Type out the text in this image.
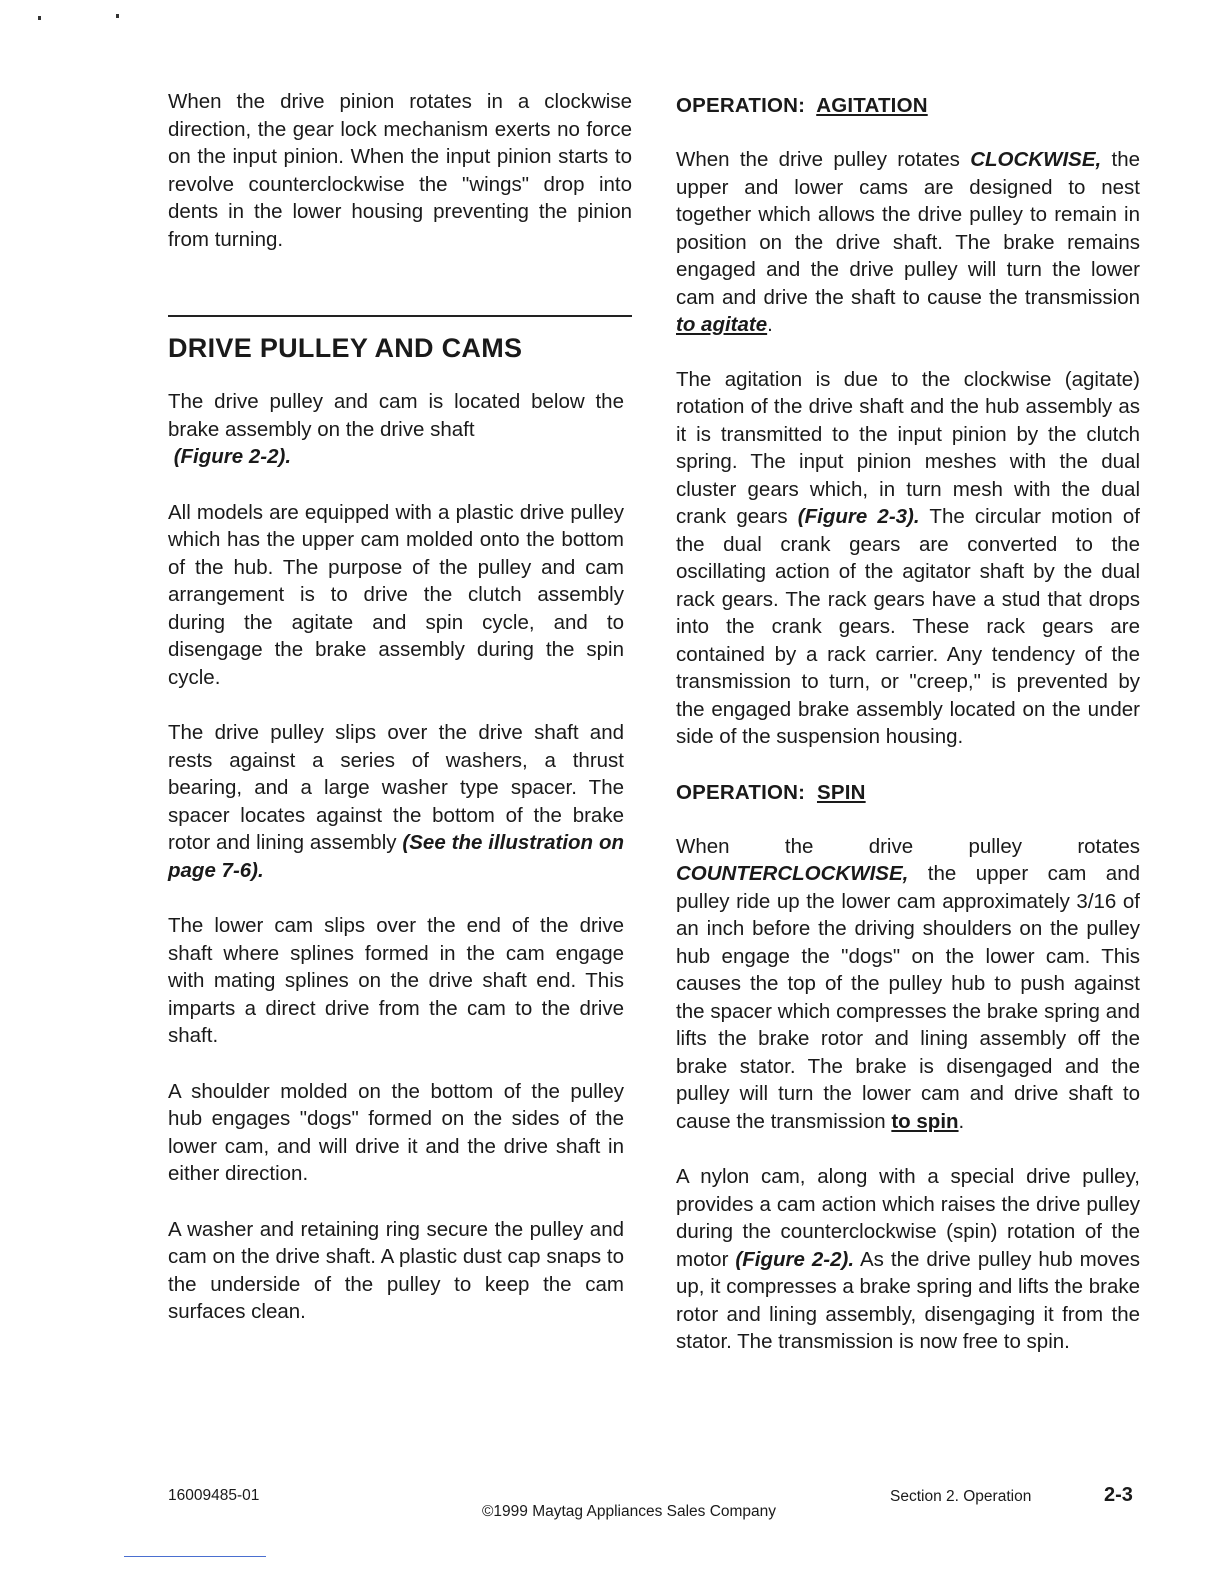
When the drive pinion rotates in a clockwise direction, the gear lock mechanism exerts no force on the input pinion. When the input pinion starts to revolve counterclockwise the "wings" drop into dents in the lower housing preventing the pinion from turning.

DRIVE PULLEY AND CAMS

The drive pulley and cam is located below the brake assembly on the drive shaft
(Figure 2-2).

All models are equipped with a plastic drive pulley which has the upper cam molded onto the bottom of the hub. The purpose of the pulley and cam arrangement is to drive the clutch assembly during the agitate and spin cycle, and to disengage the brake assembly during the spin cycle.

The drive pulley slips over the drive shaft and rests against a series of washers, a thrust bearing, and a large washer type spacer. The spacer locates against the bottom of the brake rotor and lining assembly (See the illustration on page 7-6).

The lower cam slips over the end of the drive shaft where splines formed in the cam engage with mating splines on the drive shaft end. This imparts a direct drive from the cam to the drive shaft.

A shoulder molded on the bottom of the pulley hub engages "dogs" formed on the sides of the lower cam, and will drive it and the drive shaft in either direction.

A washer and retaining ring secure the pulley and cam on the drive shaft. A plastic dust cap snaps to the underside of the pulley to keep the cam surfaces clean.

OPERATION: AGITATION

When the drive pulley rotates CLOCKWISE, the upper and lower cams are designed to nest together which allows the drive pulley to remain in position on the drive shaft. The brake remains engaged and the drive pulley will turn the lower cam and drive the shaft to cause the transmission to agitate.

The agitation is due to the clockwise (agitate) rotation of the drive shaft and the hub assembly as it is transmitted to the input pinion by the clutch spring. The input pinion meshes with the dual cluster gears which, in turn mesh with the dual crank gears (Figure 2-3). The circular motion of the dual crank gears are converted to the oscillating action of the agitator shaft by the dual rack gears. The rack gears have a stud that drops into the crank gears. These rack gears are contained by a rack carrier. Any tendency of the transmission to turn, or "creep," is prevented by the engaged brake assembly located on the under side of the suspension housing.

OPERATION: SPIN

When the drive pulley rotates COUNTERCLOCKWISE, the upper cam and pulley ride up the lower cam approximately 3/16 of an inch before the driving shoulders on the pulley hub engage the "dogs" on the lower cam. This causes the top of the pulley hub to push against the spacer which compresses the brake spring and lifts the brake rotor and lining assembly off the brake stator. The brake is disengaged and the pulley will turn the lower cam and drive shaft to cause the transmission to spin.

A nylon cam, along with a special drive pulley, provides a cam action which raises the drive pulley during the counterclockwise (spin) rotation of the motor (Figure 2-2). As the drive pulley hub moves up, it compresses a brake spring and lifts the brake rotor and lining assembly, disengaging it from the stator. The transmission is now free to spin.

16009485-01
©1999 Maytag Appliances Sales Company
Section 2. Operation	2-3
